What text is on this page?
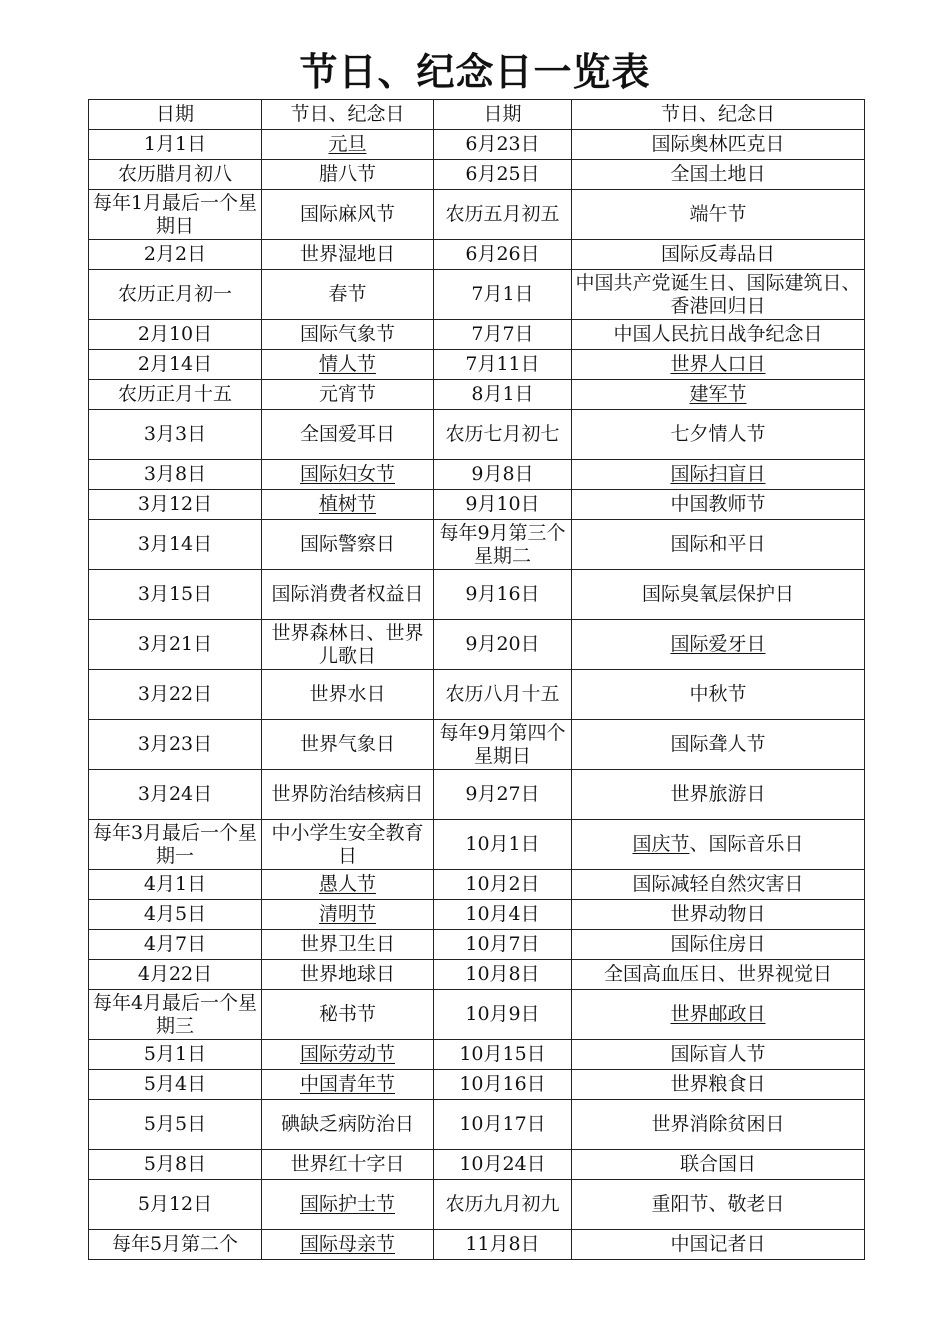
节日、纪念日一览表
日期	节日、纪念日	日期	节日、纪念日
1月1日	元旦	6月23日	国际奥林匹克日
农历腊月初八	腊八节	6月25日	全国土地日
每年1月最后一个星期日	国际麻风节	农历五月初五	端午节
2月2日	世界湿地日	6月26日	国际反毒品日
农历正月初一	春节	7月1日	中国共产党诞生日、国际建筑日、香港回归日
2月10日	国际气象节	7月7日	中国人民抗日战争纪念日
2月14日	情人节	7月11日	世界人口日
农历正月十五	元宵节	8月1日	建军节
3月3日	全国爱耳日	农历七月初七	七夕情人节
3月8日	国际妇女节	9月8日	国际扫盲日
3月12日	植树节	9月10日	中国教师节
3月14日	国际警察日	每年9月第三个星期二	国际和平日
3月15日	国际消费者权益日	9月16日	国际臭氧层保护日
3月21日	世界森林日、世界儿歌日	9月20日	国际爱牙日
3月22日	世界水日	农历八月十五	中秋节
3月23日	世界气象日	每年9月第四个星期日	国际聋人节
3月24日	世界防治结核病日	9月27日	世界旅游日
每年3月最后一个星期一	中小学生安全教育日	10月1日	国庆节、国际音乐日
4月1日	愚人节	10月2日	国际减轻自然灾害日
4月5日	清明节	10月4日	世界动物日
4月7日	世界卫生日	10月7日	国际住房日
4月22日	世界地球日	10月8日	全国高血压日、世界视觉日
每年4月最后一个星期三	秘书节	10月9日	世界邮政日
5月1日	国际劳动节	10月15日	国际盲人节
5月4日	中国青年节	10月16日	世界粮食日
5月5日	碘缺乏病防治日	10月17日	世界消除贫困日
5月8日	世界红十字日	10月24日	联合国日
5月12日	国际护士节	农历九月初九	重阳节、敬老日
每年5月第二个	国际母亲节	11月8日	中国记者日
